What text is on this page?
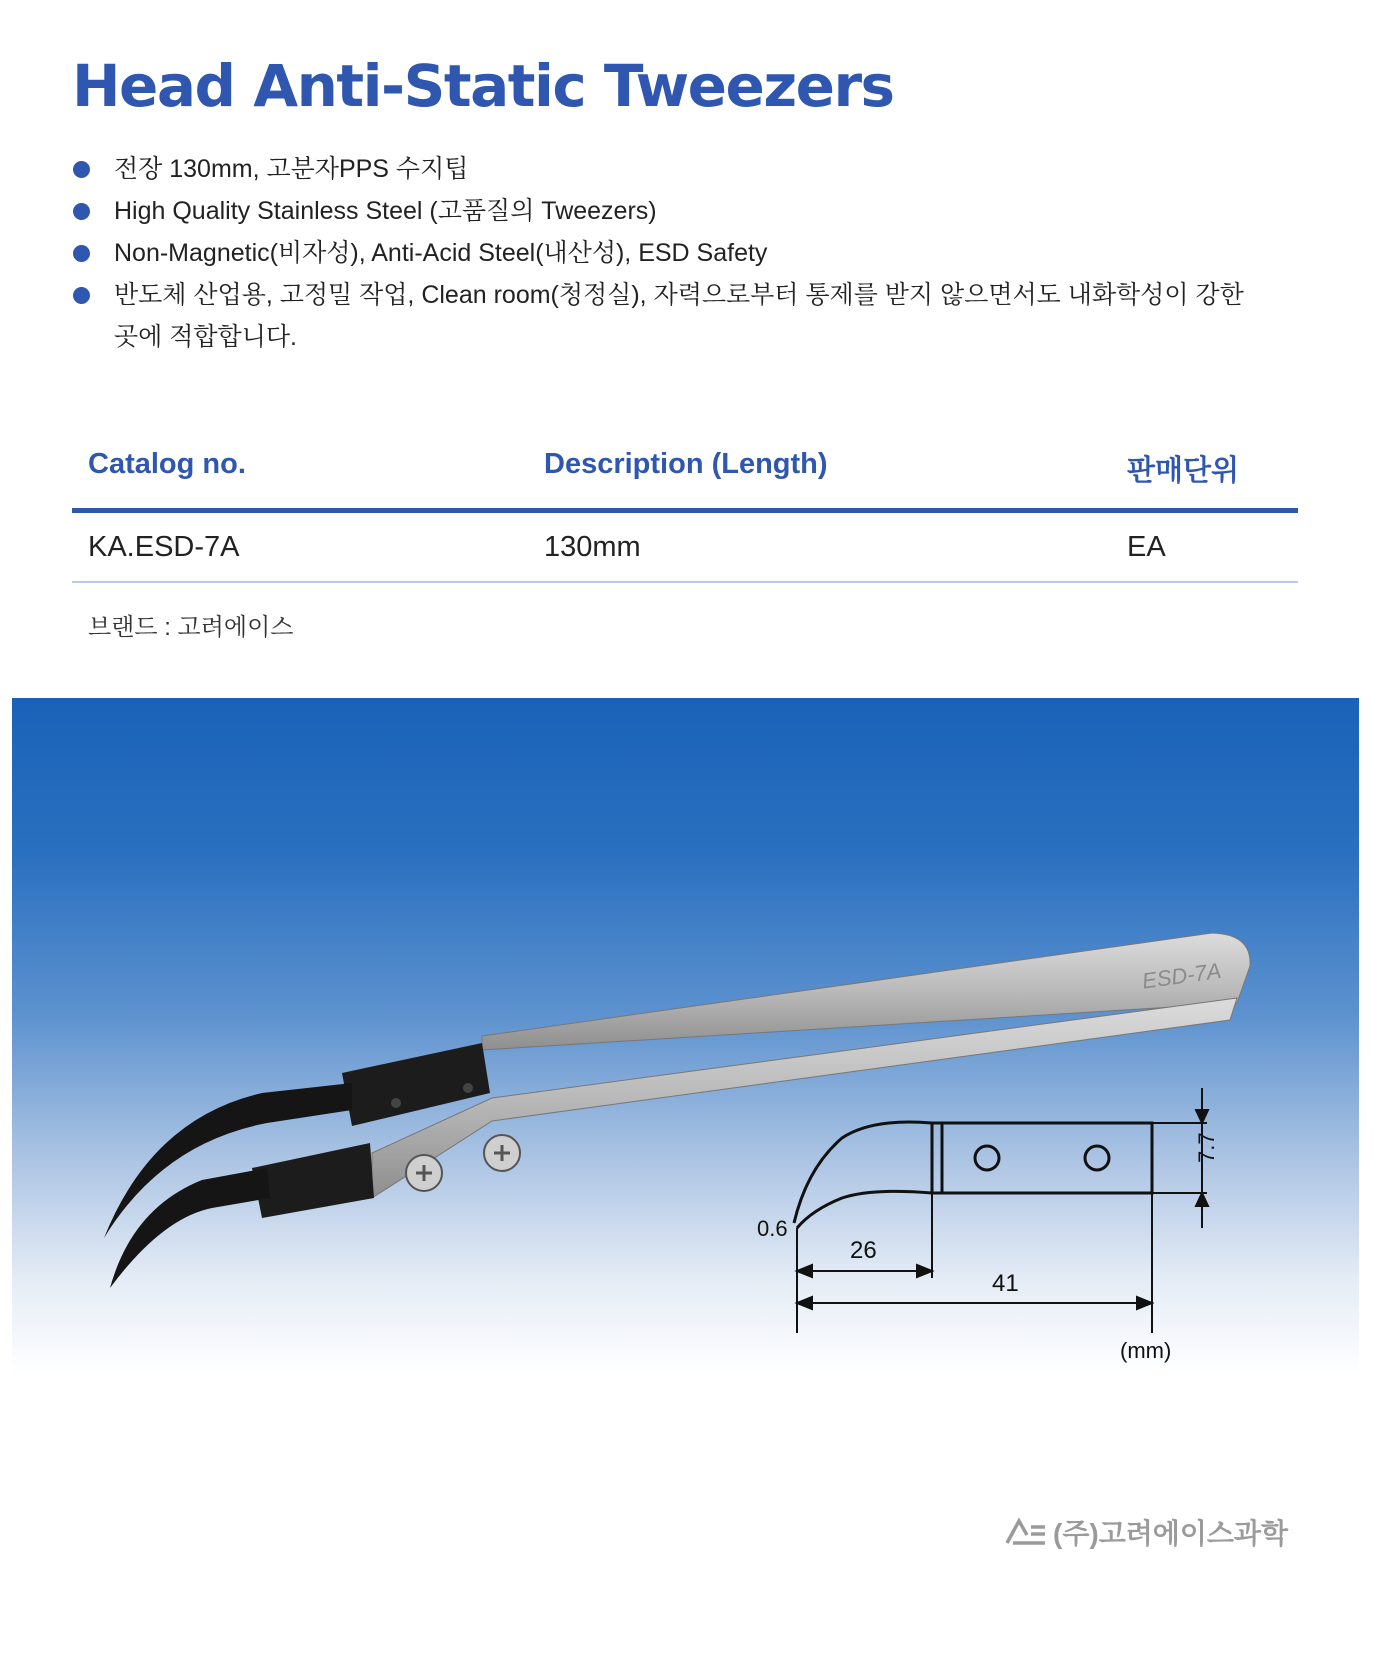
Head Anti-Static Tweezers
전장 130mm, 고분자PPS 수지팁
High Quality Stainless Steel (고품질의 Tweezers)
Non-Magnetic(비자성), Anti-Acid Steel(내산성), ESD Safety
반도체 산업용, 고정밀 작업, Clean room(청정실), 자력으로부터 통제를 받지 않으면서도 내화학성이 강한 곳에 적합합니다.
Catalog no.	Description (Length)	판매단위
KA.ESD-7A	130mm	EA
브랜드 : 고려에이스
ESD-7A
0.6
7.7
26
41
(mm)
(주)고려에이스과학
